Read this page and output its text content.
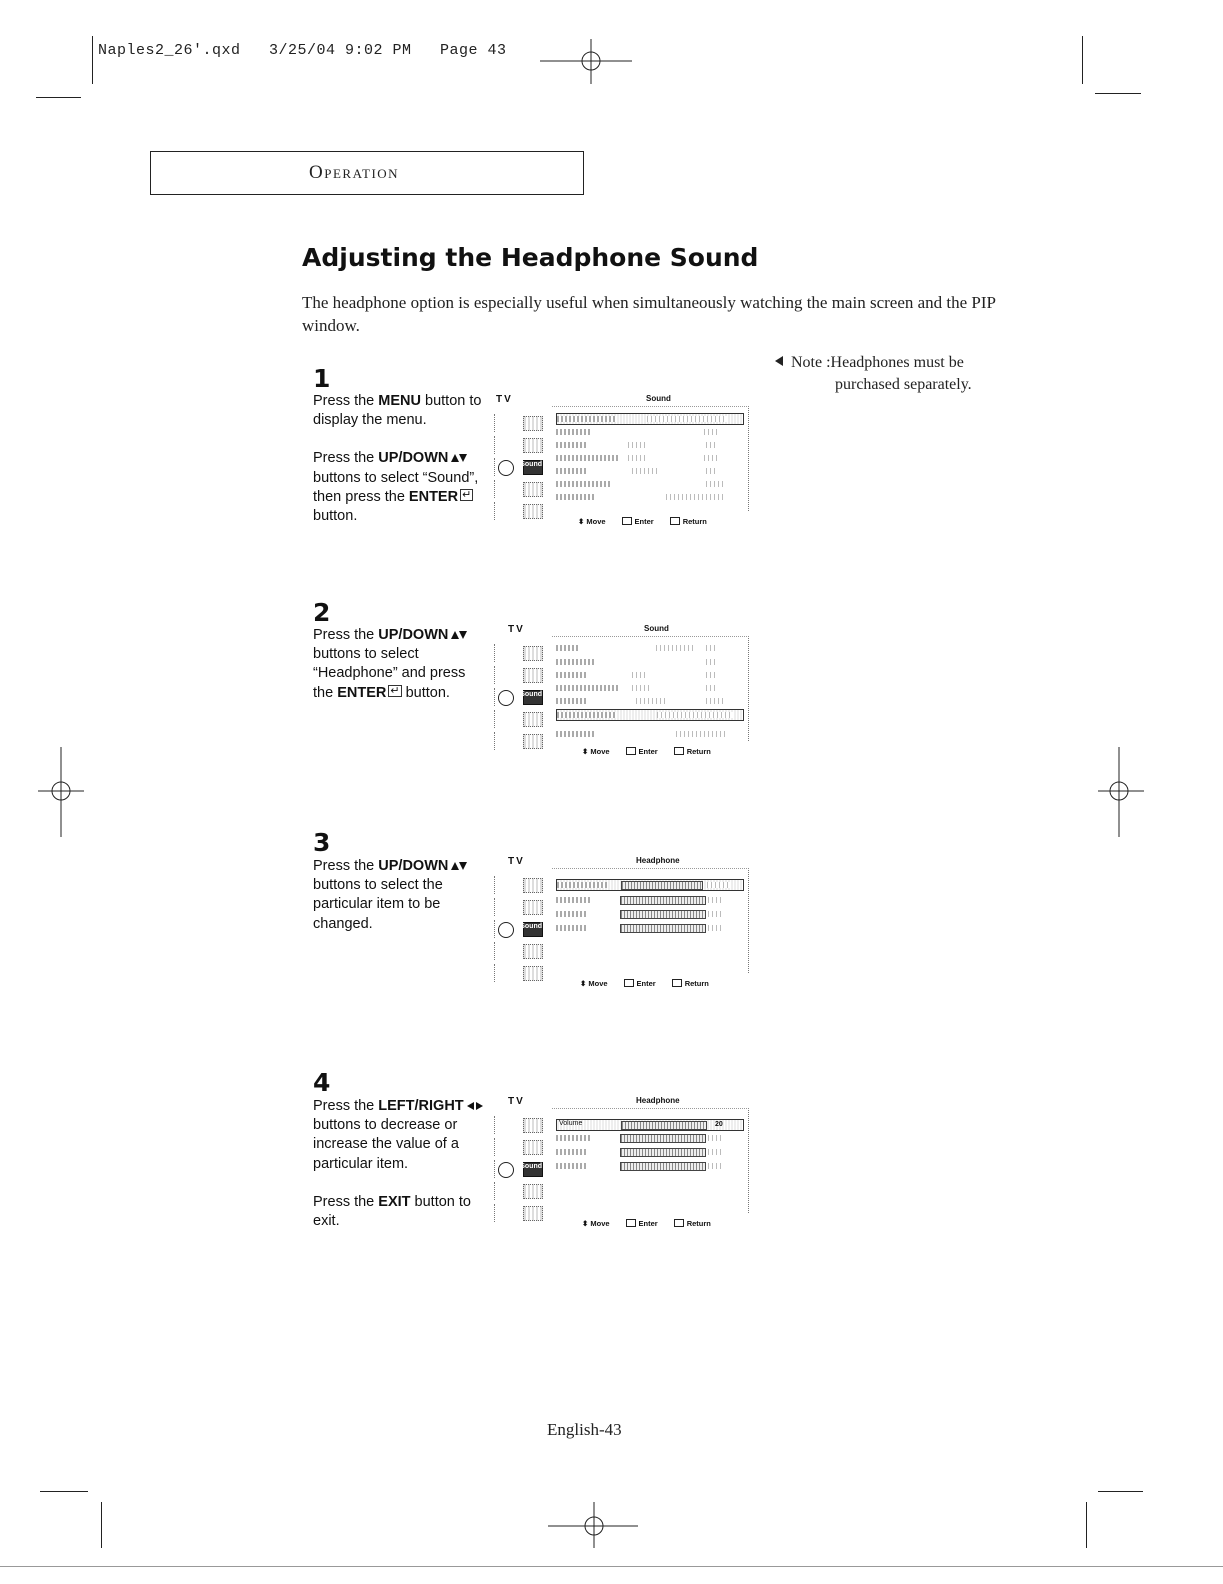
Naples2_26'.qxd   3/25/04 9:02 PM   Page 43
Operation
Adjusting the Headphone Sound
The headphone option is especially useful when simultaneously watching the main screen and the PIP window.
Note :Headphones must be
purchased separately.
1

Press the MENU button to display the menu.

Press the UP/DOWN buttons to select “Sound”, then press the ENTER ↵ button.

TV	Sound
Sound
⬍ Move	Enter	Return
2

Press the UP/DOWN buttons to select “Headphone” and press the ENTER ↵ button.

TV	Sound
Sound
⬍ Move	Enter	Return
3

Press the UP/DOWN buttons to select the particular item to be changed.

TV	Headphone
Sound
⬍ Move	Enter	Return
4

Press the LEFT/RIGHT buttons to decrease or increase the value of a particular item.

Press the EXIT button to exit.

TV	Headphone
Sound
Volume	20
⬍ Move	Enter	Return
English-43
